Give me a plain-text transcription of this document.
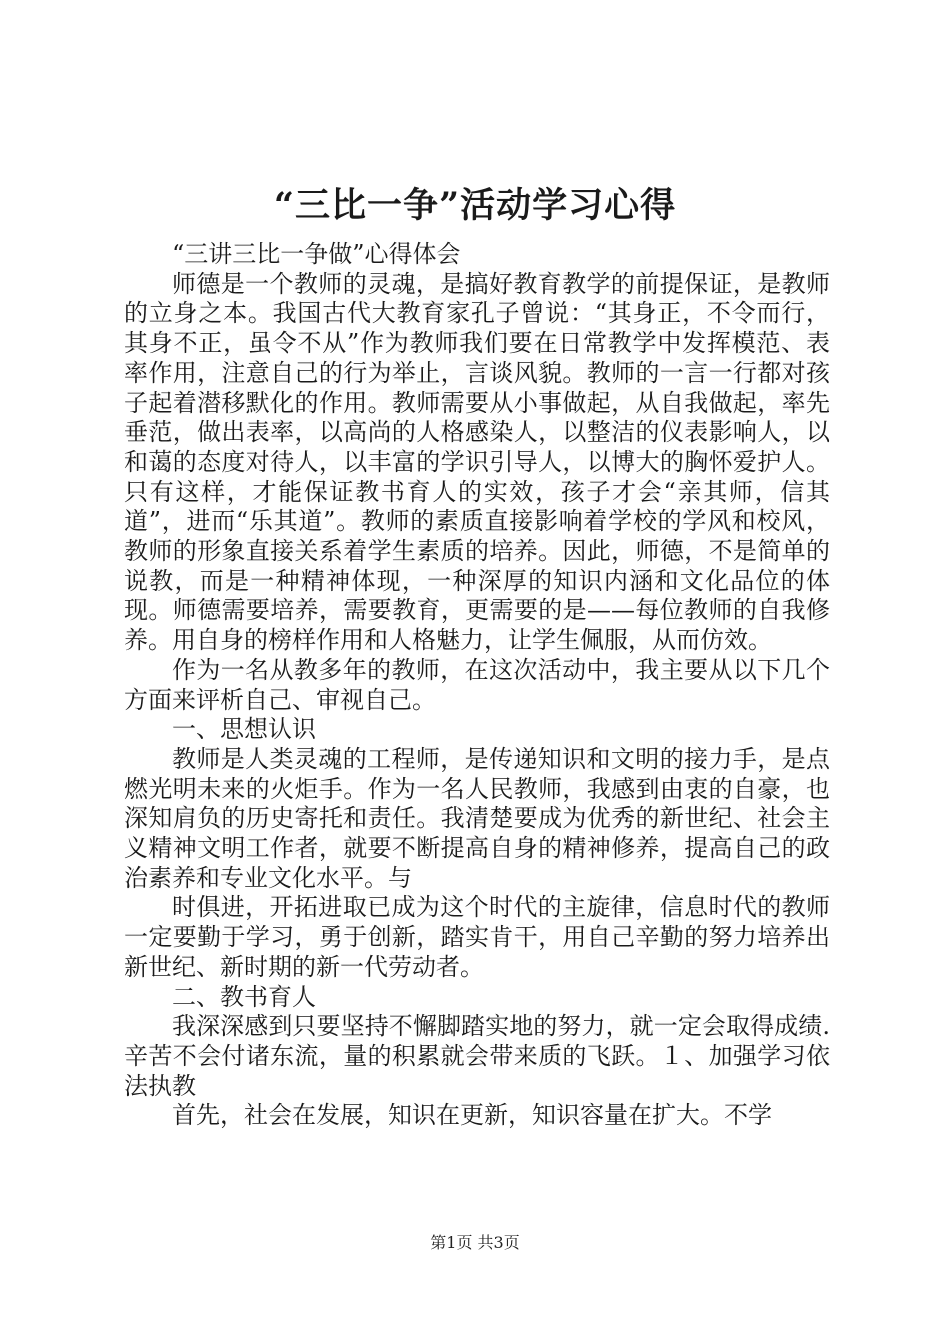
“三比一争”活动学习心得

“三讲三比一争做”心得体会

师德是一个教师的灵魂，是搞好教育教学的前提保证，是教师的立身之本。我国古代大教育家孔子曾说：“其身正，不令而行，其身不正，虽令不从”作为教师我们要在日常教学中发挥模范、表率作用，注意自己的行为举止，言谈风貌。教师的一言一行都对孩子起着潜移默化的作用。教师需要从小事做起，从自我做起，率先垂范，做出表率，以高尚的人格感染人，以整洁的仪表影响人，以和蔼的态度对待人，以丰富的学识引导人，以博大的胸怀爱护人。只有这样，才能保证教书育人的实效，孩子才会“亲其师，信其道”，进而“乐其道”。教师的素质直接影响着学校的学风和校风，教师的形象直接关系着学生素质的培养。因此，师德，不是简单的说教，而是一种精神体现，一种深厚的知识内涵和文化品位的体现。师德需要培养，需要教育，更需要的是——每位教师的自我修养。用自身的榜样作用和人格魅力，让学生佩服，从而仿效。

作为一名从教多年的教师，在这次活动中，我主要从以下几个方面来评析自己、审视自己。

一、思想认识

教师是人类灵魂的工程师，是传递知识和文明的接力手，是点燃光明未来的火炬手。作为一名人民教师，我感到由衷的自豪，也深知肩负的历史寄托和责任。我清楚要成为优秀的新世纪、社会主义精神文明工作者，就要不断提高自身的精神修养，提高自己的政治素养和专业文化水平。与

时俱进，开拓进取已成为这个时代的主旋律，信息时代的教师一定要勤于学习，勇于创新，踏实肯干，用自己辛勤的努力培养出新世纪、新时期的新一代劳动者。

二、教书育人

我深深感到只要坚持不懈脚踏实地的努力，就一定会取得成绩.辛苦不会付诸东流，量的积累就会带来质的飞跃。１、加强学习依法执教

首先，社会在发展，知识在更新，知识容量在扩大。不学

第1页 共3页
